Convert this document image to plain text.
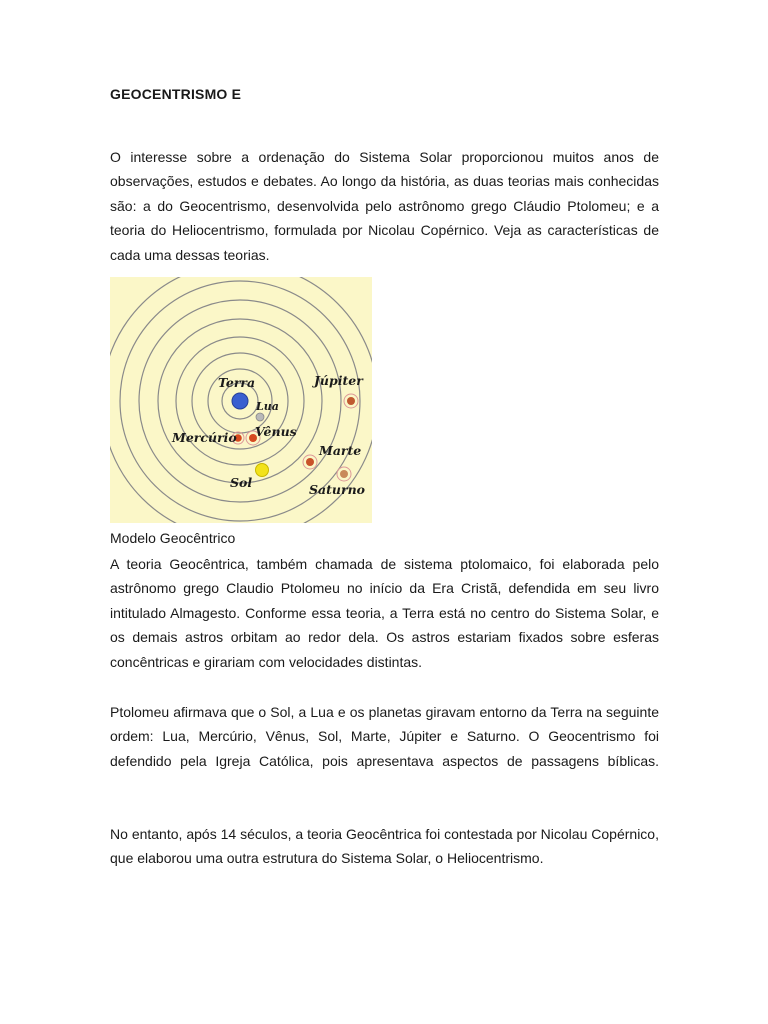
GEOCENTRISMO E

O interesse sobre a ordenação do Sistema Solar proporcionou muitos anos de observações, estudos e debates. Ao longo da história, as duas teorias mais conhecidas são: a do Geocentrismo, desenvolvida pelo astrônomo grego Cláudio Ptolomeu; e a teoria do Heliocentrismo, formulada por Nicolau Copérnico. Veja as características de cada uma dessas teorias.

Terra
Lua
Mercúrio Vênus
Sol
Marte
Júpiter
Saturno
Modelo Geocêntrico

A teoria Geocêntrica, também chamada de sistema ptolomaico, foi elaborada pelo astrônomo grego Claudio Ptolomeu no início da Era Cristã, defendida em seu livro intitulado Almagesto. Conforme essa teoria, a Terra está no centro do Sistema Solar, e os demais astros orbitam ao redor dela. Os astros estariam fixados sobre esferas concêntricas e girariam com velocidades distintas.

Ptolomeu afirmava que o Sol, a Lua e os planetas giravam entorno da Terra na seguinte ordem: Lua, Mercúrio, Vênus, Sol, Marte, Júpiter e Saturno. O Geocentrismo foi defendido pela Igreja Católica, pois apresentava aspectos de passagens bíblicas.

No entanto, após 14 séculos, a teoria Geocêntrica foi contestada por Nicolau Copérnico, que elaborou uma outra estrutura do Sistema Solar, o Heliocentrismo.
